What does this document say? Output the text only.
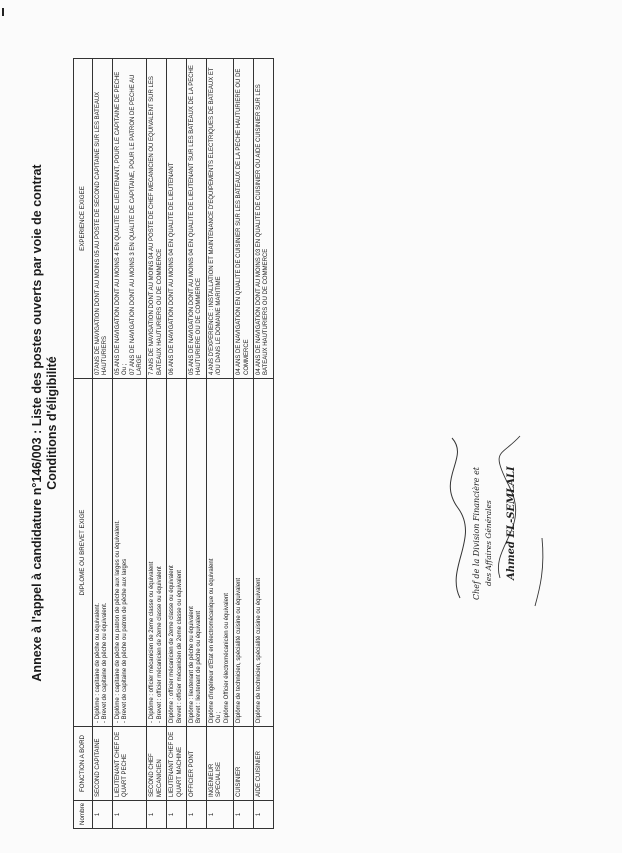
Annexe à l'appel à candidature n°146/003 : Liste des postes ouverts par voie de contrat Conditions d'éligibilité
Nombre	FONCTION A BORD	DIPLOME OU BREVET EXIGE	EXPERIENCE EXIGEE
1	SECOND CAPITAINE	- Diplôme : capitaine de pêche ou équivalent. - Brevet de capitaine de pêche ou équivalent.	07ANS DE NAVIGATION DONT AU MOINS 05 AU POSTE DE SECOND CAPITAINE SUR LES BATEAUX HAUTURIERS

1	LIEUTENANT CHEF DE QUART PECHE	- Diplôme : capitaine de pêche ou patron de pêche aux larges ou équivalent. - Brevet de capitaine de pêche ou patron de pêche aux larges	05 ANS DE NAVIGATION DONT AU MOINS 4 EN QUALITE DE LIEUTENANT, POUR LE CAPITAINE DE PECHE Ou ; 07 ANS DE NAVIGATION DONT AU MOINS 3 EN QUALITE DE CAPITAINE, POUR LE PATRON DE PECHE AU LARGE

1	SECOND CHEF MECANICIEN	- Diplôme : officier mécanicien de 2eme classe ou équivalent - Brevet : officier mécanicien de 2eme classe ou équivalent	7 ANS DE NAVIGATION DONT AU MOINS 04 AU POSTE DE CHEF MECANICIEN OU EQUIVALENT SUR LES BATEAUX HAUTURIERS OU DE COMMERCE

1	LIEUTENANT CHEF DE QUART MACHINE	Diplôme : officier mécanicien de 2eme classe ou équivalent Brevet : officier mécanicien de 2eme classe ou équivalent	06 ANS DE NAVIGATION DONT AU MOINS 04 EN QUALITE DE LIEUTENANT

1	OFFICIER PONT	Diplôme : lieutenant de pêche ou équivalent Brevet : lieutenant de pêche ou équivalent	05 ANS DE NAVIGATION DONT AU MOINS 04 EN QUALITE DE LIEUTENANT SUR LES BATEAUX DE LA PECHE HAUTURIERE OU DE COMMERCE

1	INGENIEUR SPECIALISE	Diplôme d'ingénieur d'Etat en électromécanique ou équivalent Ou ; Diplôme Officier électromécanicien ou équivalent	4 ANS D'EXPERIENCE : INSTALLATION ET MAINTENANCE D'EQUIPEMENTS ELECTRIQUES DE BATEAUX ET /OU DANS LE DOMAINE MARITIME

1	CUISINIER	Diplôme de technicien, spécialité cuisine ou équivalent	04 ANS DE NAVIGATION EN QUALITE DE CUISINIER SUR LES BATEAUX DE LA PECHE HAUTURIERE OU DE COMMERCE

1	AIDE CUISINIER	Diplôme de technicien, spécialité cuisine ou équivalent	04 ANS DE NAVIGATION DONT AU MOINS 03 EN QUALITE DE CUISINIER OU AIDE CUISINIER SUR LES BATEAUX HAUTURIERS OU DE COMMERCE
Chef de la Division Financière et des Affaires Générales Ahmed EL-SEMLALI
